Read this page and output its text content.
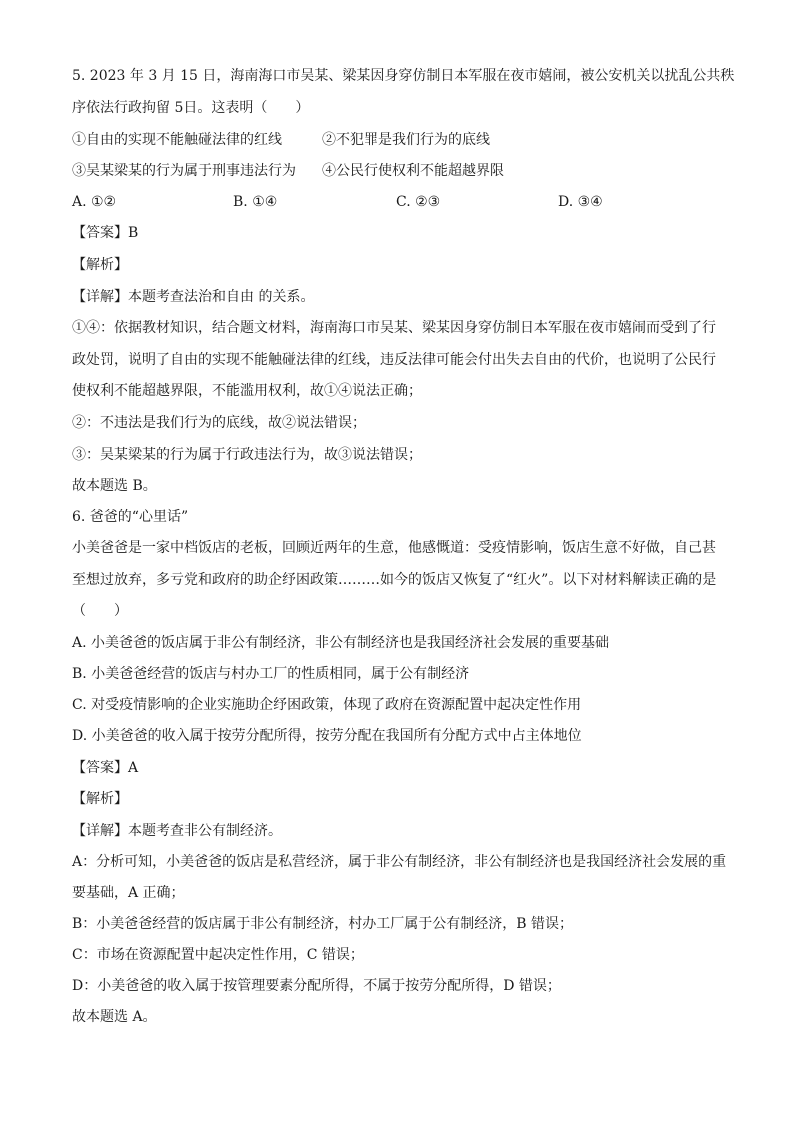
5. 2023 年 3 月 15 日，海南海口市吴某、梁某因身穿仿制日本军服在夜市嬉闹，被公安机关以扰乱公共秩
序依法行政拘留 5日。这表明（　　）
①自由的实现不能触碰法律的红线	②不犯罪是我们行为的底线
③吴某梁某的行为属于刑事违法行为 ④公民行使权利不能超越界限
A. ①②	B. ①④	C. ②③	D. ③④
【答案】B
【解析】
【详解】本题考查法治和自由 的关系。
①④：依据教材知识，结合题文材料，海南海口市吴某、梁某因身穿仿制日本军服在夜市嬉闹而受到了行
政处罚，说明了自由的实现不能触碰法律的红线，违反法律可能会付出失去自由的代价，也说明了公民行
使权利不能超越界限，不能滥用权利，故①④说法正确；
②：不违法是我们行为的底线，故②说法错误；
③：吴某梁某的行为属于行政违法行为，故③说法错误；
故本题选 B。
6. 爸爸的“心里话”
小美爸爸是一家中档饭店的老板，回顾近两年的生意，他感慨道：受疫情影响，饭店生意不好做，自己甚
至想过放弃，多亏党和政府的助企纾困政策………如今的饭店又恢复了“红火”。以下对材料解读正确的是
（　　）
A. 小美爸爸的饭店属于非公有制经济，非公有制经济也是我国经济社会发展的重要基础
B. 小美爸爸经营的饭店与村办工厂的性质相同，属于公有制经济
C. 对受疫情影响的企业实施助企纾困政策，体现了政府在资源配置中起决定性作用
D. 小美爸爸的收入属于按劳分配所得，按劳分配在我国所有分配方式中占主体地位
【答案】A
【解析】
【详解】本题考查非公有制经济。
A：分析可知，小美爸爸的饭店是私营经济，属于非公有制经济，非公有制经济也是我国经济社会发展的重
要基础，A 正确；
B：小美爸爸经营的饭店属于非公有制经济，村办工厂属于公有制经济，B 错误；
C：市场在资源配置中起决定性作用，C 错误；
D：小美爸爸的收入属于按管理要素分配所得，不属于按劳分配所得，D 错误；
故本题选 A。
